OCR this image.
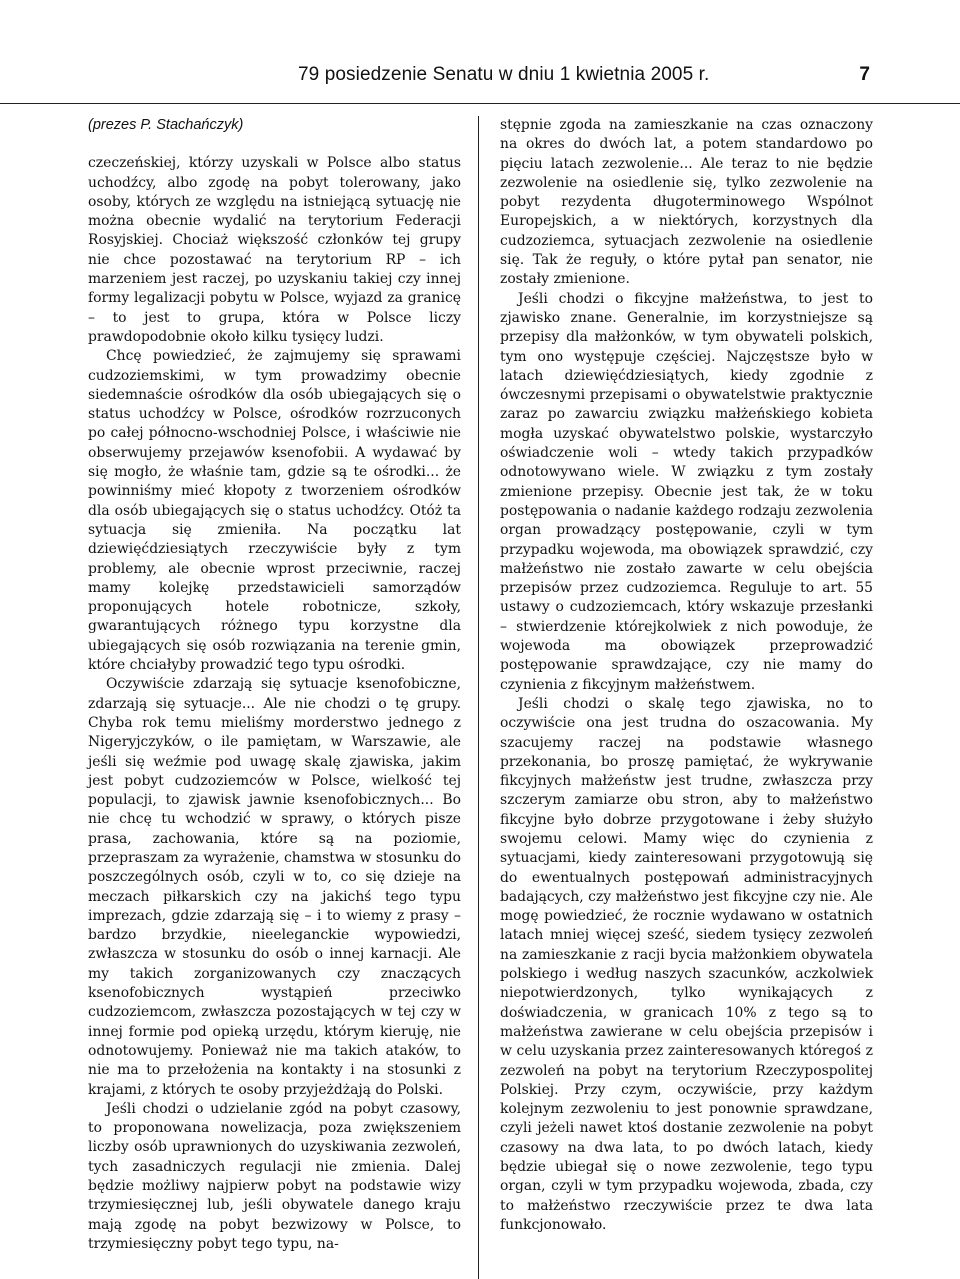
79 posiedzenie Senatu w dniu 1 kwietnia 2005 r.	7
(prezes P. Stachańczyk)

czeczeńskiej, którzy uzyskali w Polsce albo status uchodźcy, albo zgodę na pobyt tolerowany, jako osoby, których ze względu na istniejącą sytuację nie można obecnie wydalić na terytorium Federacji Rosyjskiej. Chociaż większość członków tej grupy nie chce pozostawać na terytorium RP – ich marzeniem jest raczej, po uzyskaniu takiej czy innej formy legalizacji pobytu w Polsce, wyjazd za granicę – to jest to grupa, która w Polsce liczy prawdopodobnie około kilku tysięcy ludzi.

Chcę powiedzieć, że zajmujemy się sprawami cudzoziemskimi, w tym prowadzimy obecnie siedemnaście ośrodków dla osób ubiegających się o status uchodźcy w Polsce, ośrodków rozrzuconych po całej północno-wschodniej Polsce, i właściwie nie obserwujemy przejawów ksenofobii. A wydawać by się mogło, że właśnie tam, gdzie są te ośrodki... że powinniśmy mieć kłopoty z tworzeniem ośrodków dla osób ubiegających się o status uchodźcy. Otóż ta sytuacja się zmieniła. Na początku lat dziewięćdziesiątych rzeczywiście były z tym problemy, ale obecnie wprost przeciwnie, raczej mamy kolejkę przedstawicieli samorządów proponujących hotele robotnicze, szkoły, gwarantujących różnego typu korzystne dla ubiegających się osób rozwiązania na terenie gmin, które chciałyby prowadzić tego typu ośrodki.

Oczywiście zdarzają się sytuacje ksenofobiczne, zdarzają się sytuacje... Ale nie chodzi o tę grupy. Chyba rok temu mieliśmy morderstwo jednego z Nigeryjczyków, o ile pamiętam, w Warszawie, ale jeśli się weźmie pod uwagę skalę zjawiska, jakim jest pobyt cudzoziemców w Polsce, wielkość tej populacji, to zjawisk jawnie ksenofobicznych... Bo nie chcę tu wchodzić w sprawy, o których pisze prasa, zachowania, które są na poziomie, przepraszam za wyrażenie, chamstwa w stosunku do poszczególnych osób, czyli w to, co się dzieje na meczach piłkarskich czy na jakichś tego typu imprezach, gdzie zdarzają się – i to wiemy z prasy – bardzo brzydkie, nieeleganckie wypowiedzi, zwłaszcza w stosunku do osób o innej karnacji. Ale my takich zorganizowanych czy znaczących ksenofobicznych wystąpień przeciwko cudzoziemcom, zwłaszcza pozostających w tej czy w innej formie pod opieką urzędu, którym kieruję, nie odnotowujemy. Ponieważ nie ma takich ataków, to nie ma to przełożenia na kontakty i na stosunki z krajami, z których te osoby przyjeżdżają do Polski.

Jeśli chodzi o udzielanie zgód na pobyt czasowy, to proponowana nowelizacja, poza zwiększeniem liczby osób uprawnionych do uzyskiwania zezwoleń, tych zasadniczych regulacji nie zmienia. Dalej będzie możliwy najpierw pobyt na podstawie wizy trzymiesięcznej lub, jeśli obywatele danego kraju mają zgodę na pobyt bezwizowy w Polsce, to trzymiesięczny pobyt tego typu, na-

stępnie zgoda na zamieszkanie na czas oznaczony na okres do dwóch lat, a potem standardowo po pięciu latach zezwolenie... Ale teraz to nie będzie zezwolenie na osiedlenie się, tylko zezwolenie na pobyt rezydenta długoterminowego Wspólnot Europejskich, a w niektórych, korzystnych dla cudzoziemca, sytuacjach zezwolenie na osiedlenie się. Tak że reguły, o które pytał pan senator, nie zostały zmienione.

Jeśli chodzi o fikcyjne małżeństwa, to jest to zjawisko znane. Generalnie, im korzystniejsze są przepisy dla małżonków, w tym obywateli polskich, tym ono występuje częściej. Najczęstsze było w latach dziewięćdziesiątych, kiedy zgodnie z ówczesnymi przepisami o obywatelstwie praktycznie zaraz po zawarciu związku małżeńskiego kobieta mogła uzyskać obywatelstwo polskie, wystarczyło oświadczenie woli – wtedy takich przypadków odnotowywano wiele. W związku z tym zostały zmienione przepisy. Obecnie jest tak, że w toku postępowania o nadanie każdego rodzaju zezwolenia organ prowadzący postępowanie, czyli w tym przypadku wojewoda, ma obowiązek sprawdzić, czy małżeństwo nie zostało zawarte w celu obejścia przepisów przez cudzoziemca. Reguluje to art. 55 ustawy o cudzoziemcach, który wskazuje przesłanki – stwierdzenie którejkolwiek z nich powoduje, że wojewoda ma obowiązek przeprowadzić postępowanie sprawdzające, czy nie mamy do czynienia z fikcyjnym małżeństwem.

Jeśli chodzi o skalę tego zjawiska, no to oczywiście ona jest trudna do oszacowania. My szacujemy raczej na podstawie własnego przekonania, bo proszę pamiętać, że wykrywanie fikcyjnych małżeństw jest trudne, zwłaszcza przy szczerym zamiarze obu stron, aby to małżeństwo fikcyjne było dobrze przygotowane i żeby służyło swojemu celowi. Mamy więc do czynienia z sytuacjami, kiedy zainteresowani przygotowują się do ewentualnych postępowań administracyjnych badających, czy małżeństwo jest fikcyjne czy nie. Ale mogę powiedzieć, że rocznie wydawano w ostatnich latach mniej więcej sześć, siedem tysięcy zezwoleń na zamieszkanie z racji bycia małżonkiem obywatela polskiego i według naszych szacunków, aczkolwiek niepotwierdzonych, tylko wynikających z doświadczenia, w granicach 10% z tego są to małżeństwa zawierane w celu obejścia przepisów i w celu uzyskania przez zainteresowanych któregoś z zezwoleń na pobyt na terytorium Rzeczypospolitej Polskiej. Przy czym, oczywiście, przy każdym kolejnym zezwoleniu to jest ponownie sprawdzane, czyli jeżeli nawet ktoś dostanie zezwolenie na pobyt czasowy na dwa lata, to po dwóch latach, kiedy będzie ubiegał się o nowe zezwolenie, tego typu organ, czyli w tym przypadku wojewoda, zbada, czy to małżeństwo rzeczywiście przez te dwa lata funkcjonowało.
